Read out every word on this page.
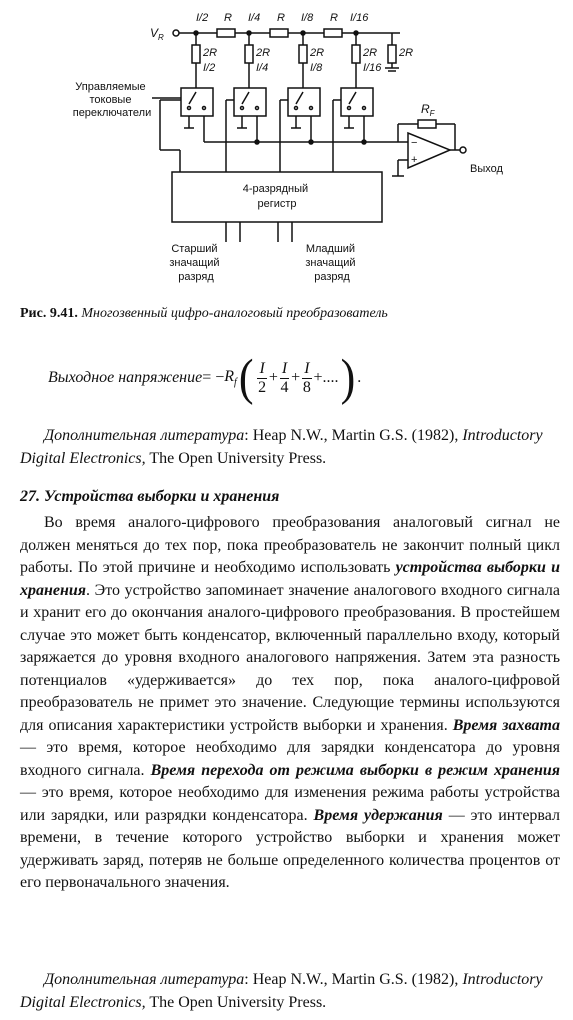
$V_R$
I/2	I/4	I/8	I/16
R	R	R
2R
I/2
2R
I/4
2R
I/8
2R
I/16
2R
Управляемые токовые переключатели
−
+
$R_F$
Выход
4-разрядный регистр
Старший значащий разряд
Младший значащий разряд
Рис. 9.41. Многозвенный цифро-аналоговый преобразователь
Выходное напряжение = − $R_f$ ( $\frac{I}{2} + \frac{I}{4} + \frac{I}{8}$ +.... ) .
Дополнительная литература: Heap N.W., Martin G.S. (1982), Introductory Digital Electronics, The Open University Press.
27. Устройства выборки и хранения
Во время аналого-цифрового преобразования аналоговый сигнал не должен меняться до тех пор, пока преобразователь не закончит полный цикл работы. По этой причине и необходимо использовать устройства выборки и хранения. Это устройство запоминает значение аналогового входного сигнала и хранит его до окончания аналого-цифрового преобразования. В простейшем случае это может быть конденсатор, включенный параллельно входу, который заряжается до уровня входного аналогового напряжения. Затем эта разность потенциалов «удерживается» до тех пор, пока аналого-цифровой преобразователь не примет это значение. Следующие термины используются для описания характеристики устройств выборки и хранения. Время захвата — это время, которое необходимо для зарядки конденсатора до уровня входного сигнала. Время перехода от режима выборки в режим хранения — это время, которое необходимо для изменения режима работы устройства или зарядки, или разрядки конденсатора. Время удержания — это интервал времени, в течение которого устройство выборки и хранения может удерживать заряд, потеряв не больше определенного количества процентов от его первоначального значения.
Дополнительная литература: Heap N.W., Martin G.S. (1982), Introductory Digital Electronics, The Open University Press.
